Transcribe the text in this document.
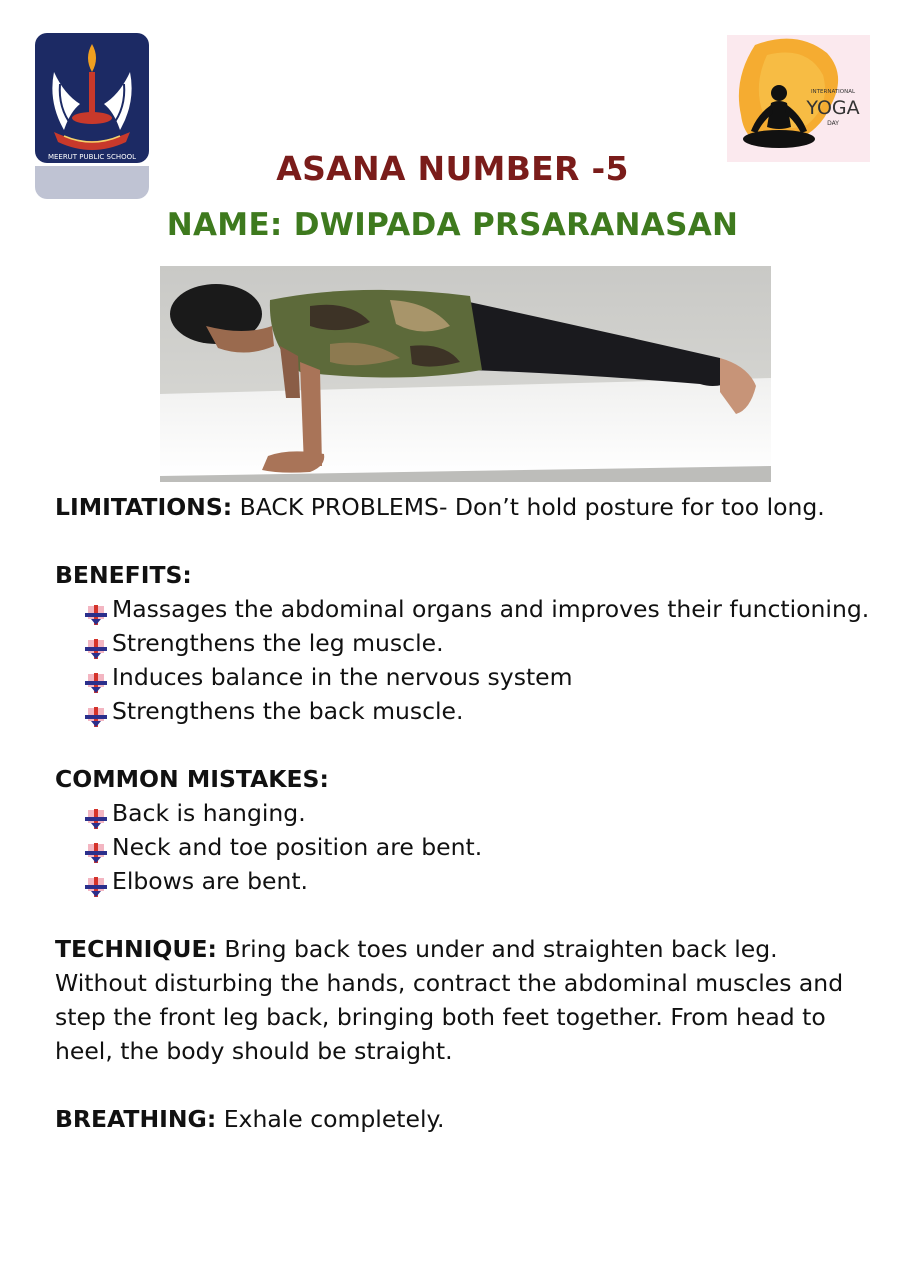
MEERUT PUBLIC SCHOOL
INTERNATIONAL
YOGA
DAY
ASANA NUMBER -5
NAME: DWIPADA PRSARANASAN

LIMITATIONS: BACK PROBLEMS- Don’t hold posture for too long.

BENEFITS:

Massages the abdominal organs and improves their functioning.
Strengthens the leg muscle.
Induces balance in the nervous system
Strengthens the back muscle.

COMMON MISTAKES:

Back is hanging.
Neck and toe position are bent.
Elbows are bent.

TECHNIQUE: Bring back toes under and straighten back leg. Without disturbing the hands, contract the abdominal muscles and step the front leg back, bringing both feet together. From head to heel, the body should be straight.

BREATHING: Exhale completely.
